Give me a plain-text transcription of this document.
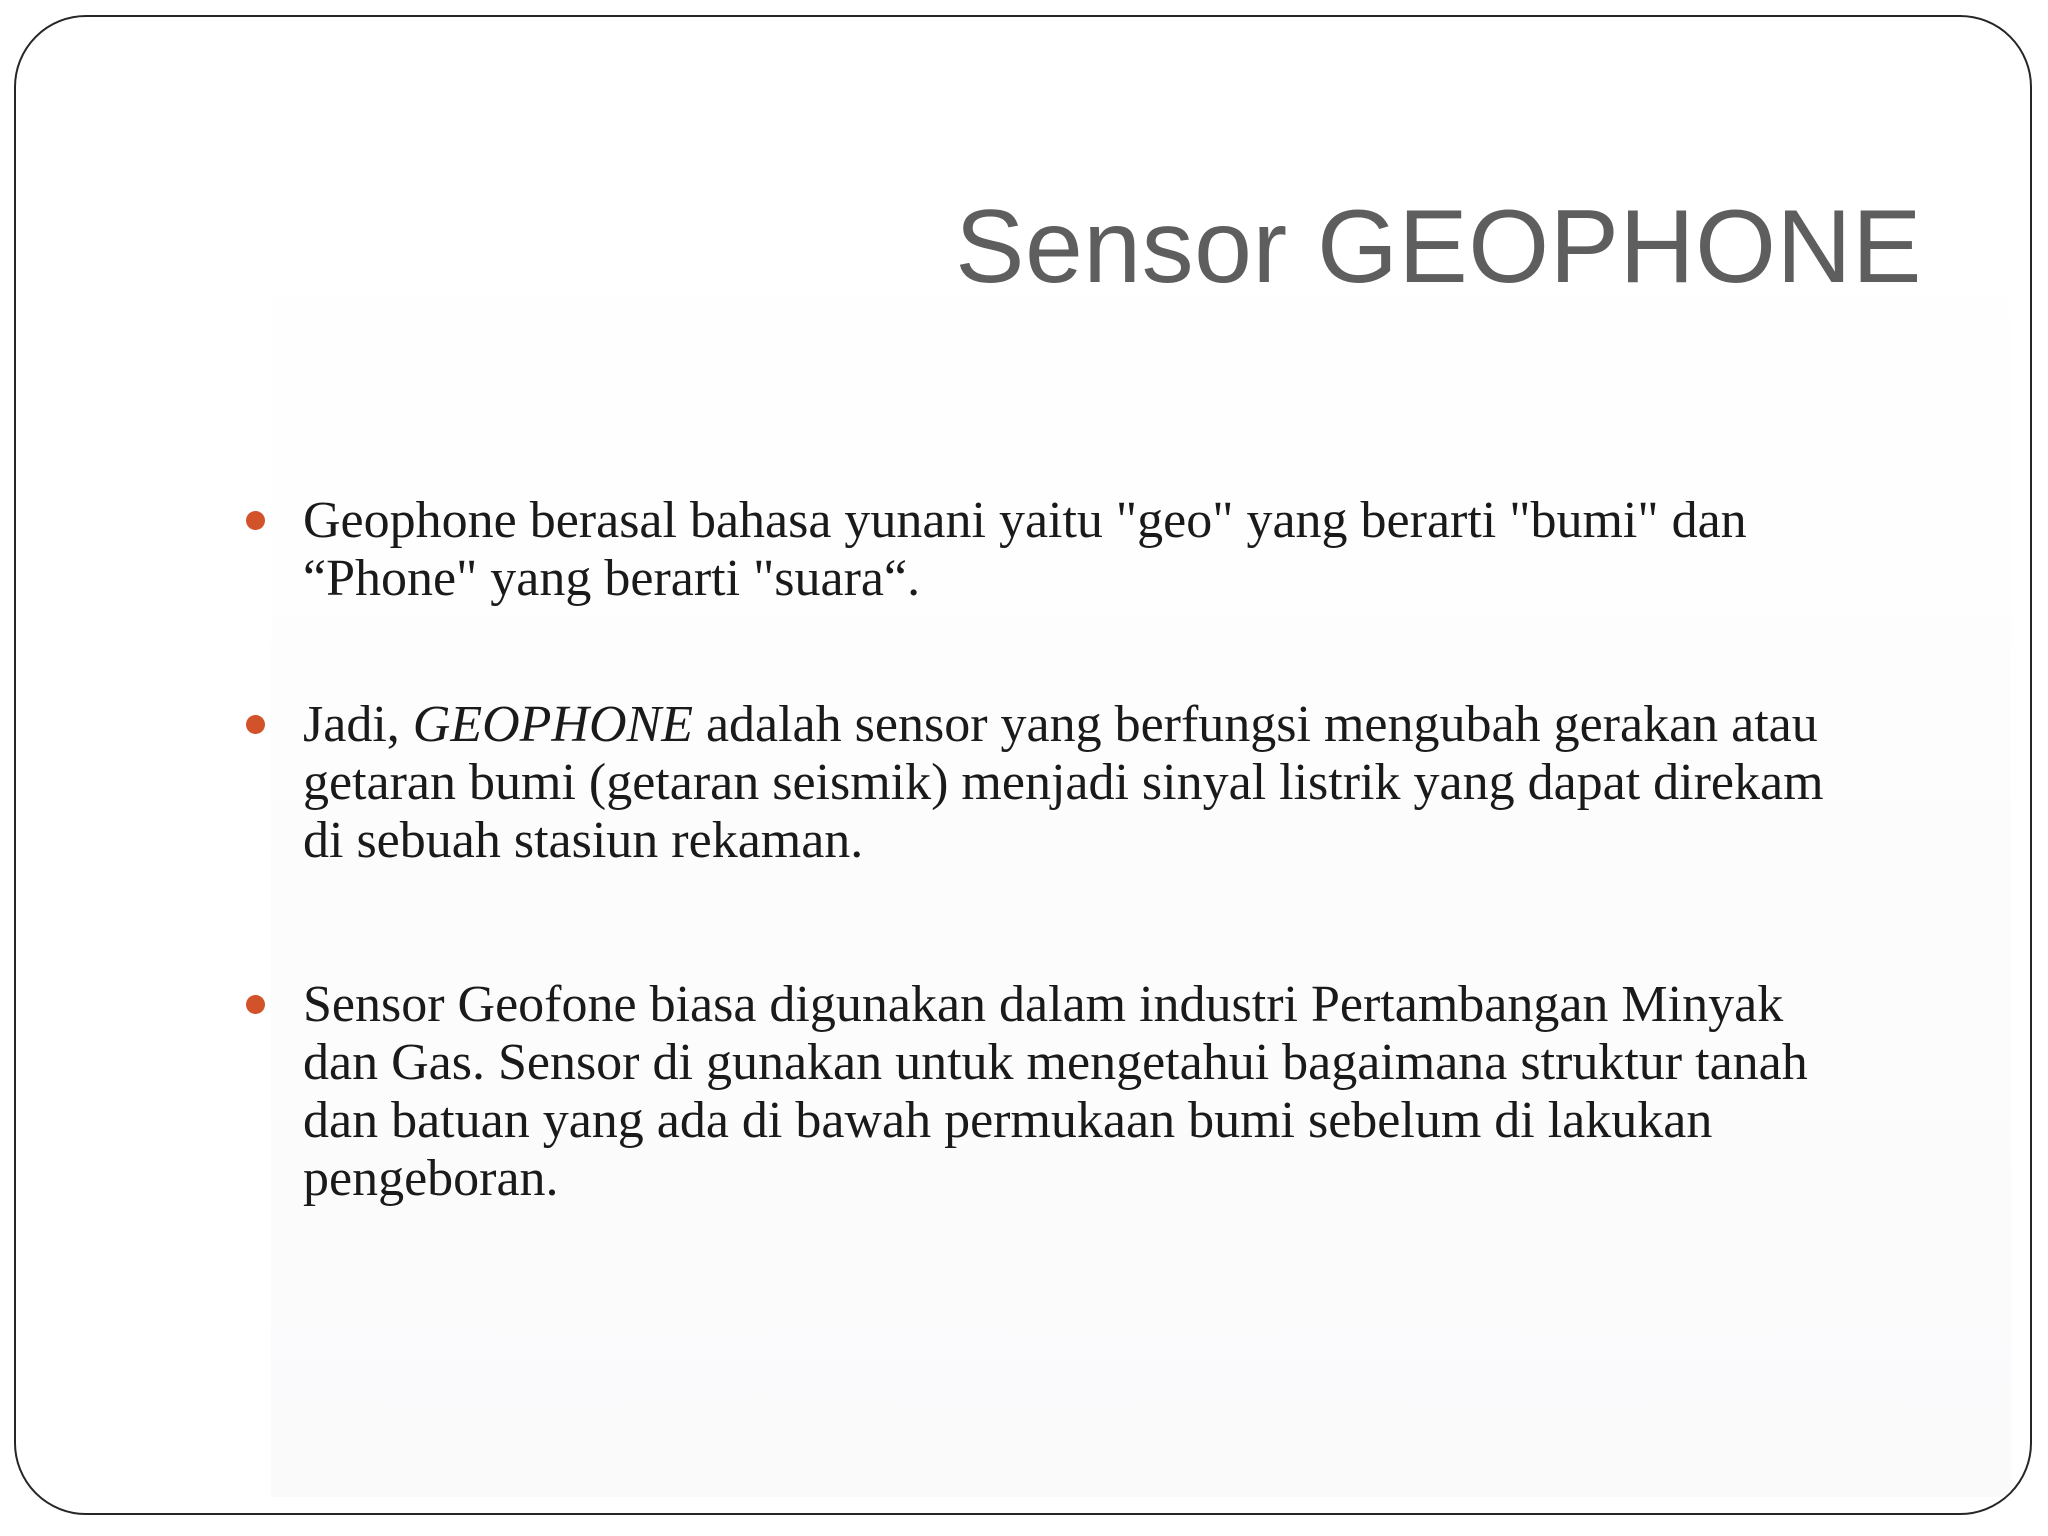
Sensor GEOPHONE
Geophone berasal bahasa yunani yaitu "geo" yang berarti "bumi" dan
“Phone" yang berarti "suara“.
Jadi, GEOPHONE adalah sensor yang berfungsi mengubah gerakan atau
getaran bumi (getaran seismik) menjadi sinyal listrik yang dapat direkam
di sebuah stasiun rekaman.
Sensor Geofone biasa digunakan dalam industri Pertambangan Minyak
dan Gas. Sensor di gunakan untuk mengetahui bagaimana struktur tanah
dan batuan yang ada di bawah permukaan bumi sebelum di lakukan
pengeboran.
